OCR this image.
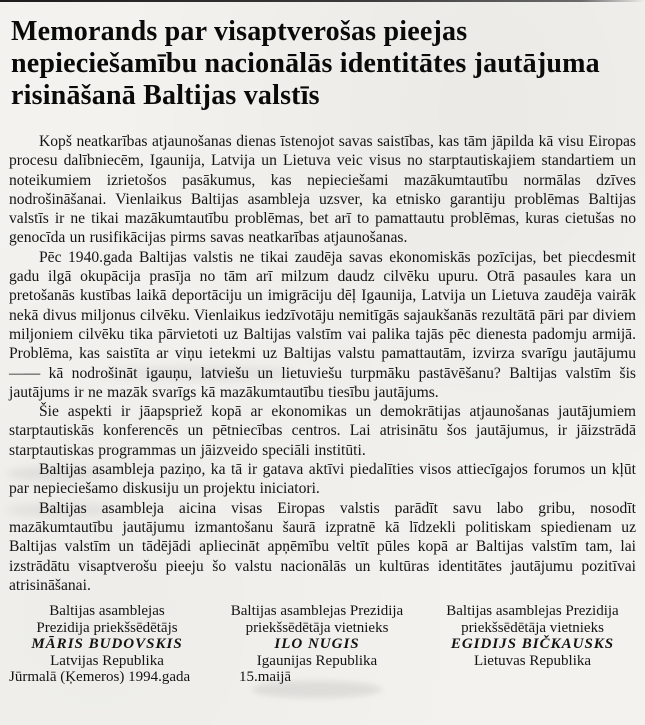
Memorands par visaptverošas pieejas nepieciešamību nacionālās identitātes jautājuma risināšanā Baltijas valstīs

Kopš neatkarības atjaunošanas dienas īstenojot savas saistības, kas tām jāpilda kā visu Eiropas procesu dalībniecēm, Igaunija, Latvija un Lietuva veic visus no starptautiskajiem standartiem un noteikumiem izrietošos pasākumus, kas nepieciešami mazākumtautību normālas dzīves nodrošināšanai. Vienlaikus Baltijas asambleja uzsver, ka etnisko garantiju problēmas Baltijas valstīs ir ne tikai mazākumtautību problēmas, bet arī to pamattautu problēmas, kuras cietušas no genocīda un rusifikācijas pirms savas neatkarības atjaunošanas.

Pēc 1940.gada Baltijas valstis ne tikai zaudēja savas ekonomiskās pozīcijas, bet piecdesmit gadu ilgā okupācija prasīja no tām arī milzum daudz cilvēku upuru. Otrā pasaules kara un pretošanās kustības laikā deportāciju un imigrāciju dēļ Igaunija, Latvija un Lietuva zaudēja vairāk nekā divus miljonus cilvēku. Vienlaikus iedzīvotāju nemitīgās sajaukšanās rezultātā pāri par diviem miljoniem cilvēku tika pārvietoti uz Baltijas valstīm vai palika tajās pēc dienesta padomju armijā. Problēma, kas saistīta ar viņu ietekmi uz Baltijas valstu pamattautām, izvirza svarīgu jautājumu —— kā nodrošināt igauņu, latviešu un lietuviešu turpmāku pastāvēšanu? Baltijas valstīm šis jautājums ir ne mazāk svarīgs kā mazākumtautību tiesību jautājums.

Šie aspekti ir jāapspriež kopā ar ekonomikas un demokrātijas atjaunošanas jautājumiem starptautiskās konferencēs un pētniecības centros. Lai atrisinātu šos jautājumus, ir jāizstrādā starptautiskas programmas un jāizveido speciāli institūti.

Baltijas asambleja paziņo, ka tā ir gatava aktīvi piedalīties visos attiecīgajos forumos un kļūt par nepieciešamo diskusiju un projektu iniciatori.

Baltijas asambleja aicina visas Eiropas valstis parādīt savu labo gribu, nosodīt mazākumtautību jautājumu izmantošanu šaurā izpratnē kā līdzekli politiskam spiedienam uz Baltijas valstīm un tādējādi apliecināt apņēmību veltīt pūles kopā ar Baltijas valstīm tam, lai izstrādātu visaptverošu pieeju šo valstu nacionālās un kultūras identitātes jautājumu pozitīvai atrisināšanai.

Baltijas asamblejas
Prezidija priekšsēdētājs
MĀRIS BUDOVSKIS
Latvijas Republika
Jūrmalā (Ķemeros) 1994.gada
Baltijas asamblejas Prezidija
priekšsēdētāja vietnieks
ILO NUGIS
Igaunijas Republika
15.maijā
Baltijas asamblejas Prezidija
priekšsēdētāja vietnieks
EGIDIJS BIČKAUSKS
Lietuvas Republika
